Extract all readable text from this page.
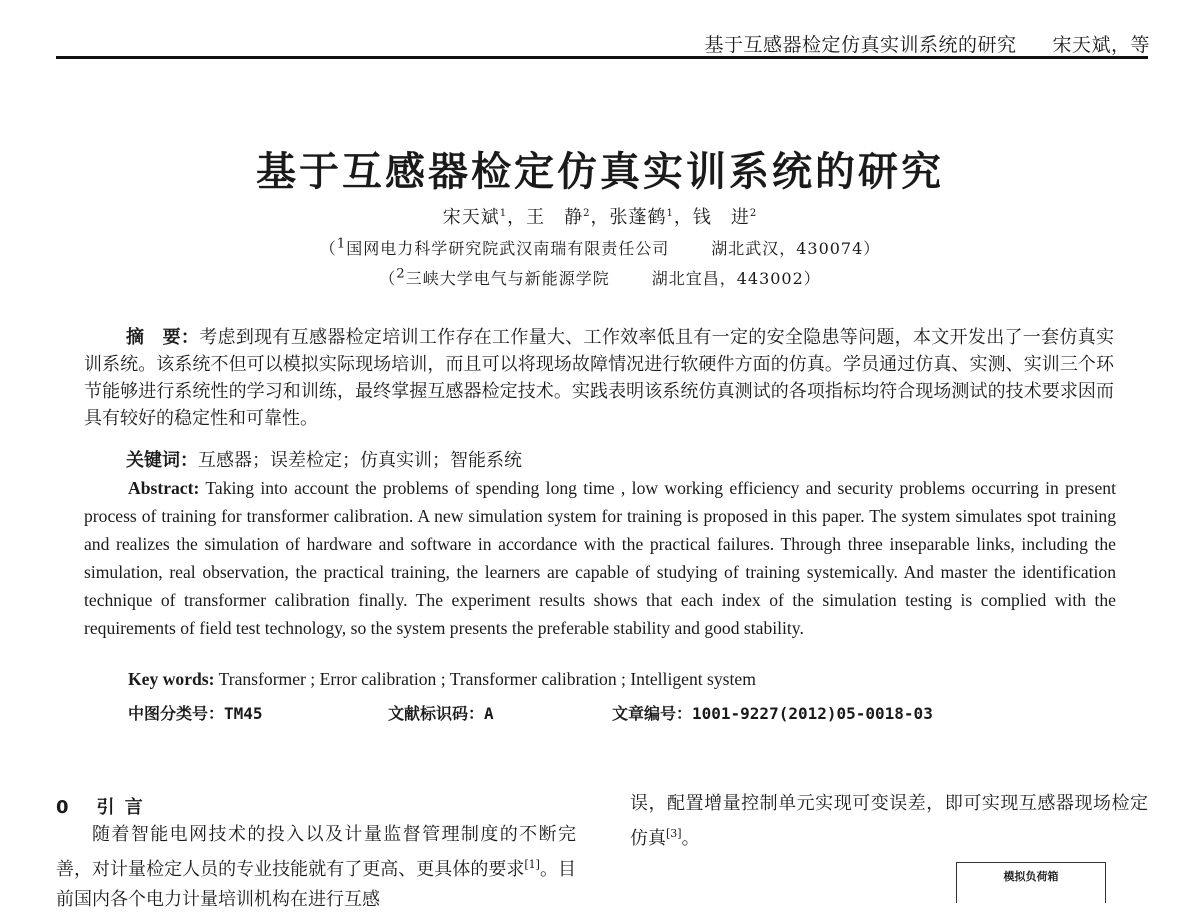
基于互感器检定仿真实训系统的研究 宋天斌，等
基于互感器检定仿真实训系统的研究
宋天斌$^1$，王　静$^2$，张蓬鹤$^1$，钱　进$^2$
（$^1$国网电力科学研究院武汉南瑞有限责任公司	湖北武汉，430074）
（$^2$三峡大学电气与新能源学院	湖北宜昌，443002）
摘　要：考虑到现有互感器检定培训工作存在工作量大、工作效率低且有一定的安全隐患等问题，本文开发出了一套仿真实训系统。该系统不但可以模拟实际现场培训，而且可以将现场故障情况进行软硬件方面的仿真。学员通过仿真、实测、实训三个环节能够进行系统性的学习和训练，最终掌握互感器检定技术。实践表明该系统仿真测试的各项指标均符合现场测试的技术要求因而具有较好的稳定性和可靠性。
关键词：互感器；误差检定；仿真实训；智能系统
Abstract: Taking into account the problems of spending long time , low working efficiency and security problems occurring in present process of training for transformer calibration. A new simulation system for training is proposed in this paper. The system simulates spot training and realizes the simulation of hardware and software in accordance with the practical failures. Through three inseparable links, including the simulation, real observation, the practical training, the learners are capable of studying of training systemically. And master the identification technique of transformer calibration finally. The experiment results shows that each index of the simulation testing is complied with the requirements of field test technology, so the system presents the preferable stability and good stability.
Key words: Transformer ; Error calibration ; Transformer calibration ; Intelligent system
中图分类号：TM45	文献标识码：A	文章编号：1001-9227(2012)05-0018-03
0 引 言
随着智能电网技术的投入以及计量监督管理制度的不断完善，对计量检定人员的专业技能就有了更高、更具体的要求[1]。目前国内各个电力计量培训机构在进行互感
误，配置增量控制单元实现可变误差，即可实现互感器现场检定仿真[3]。
模拟负荷箱
